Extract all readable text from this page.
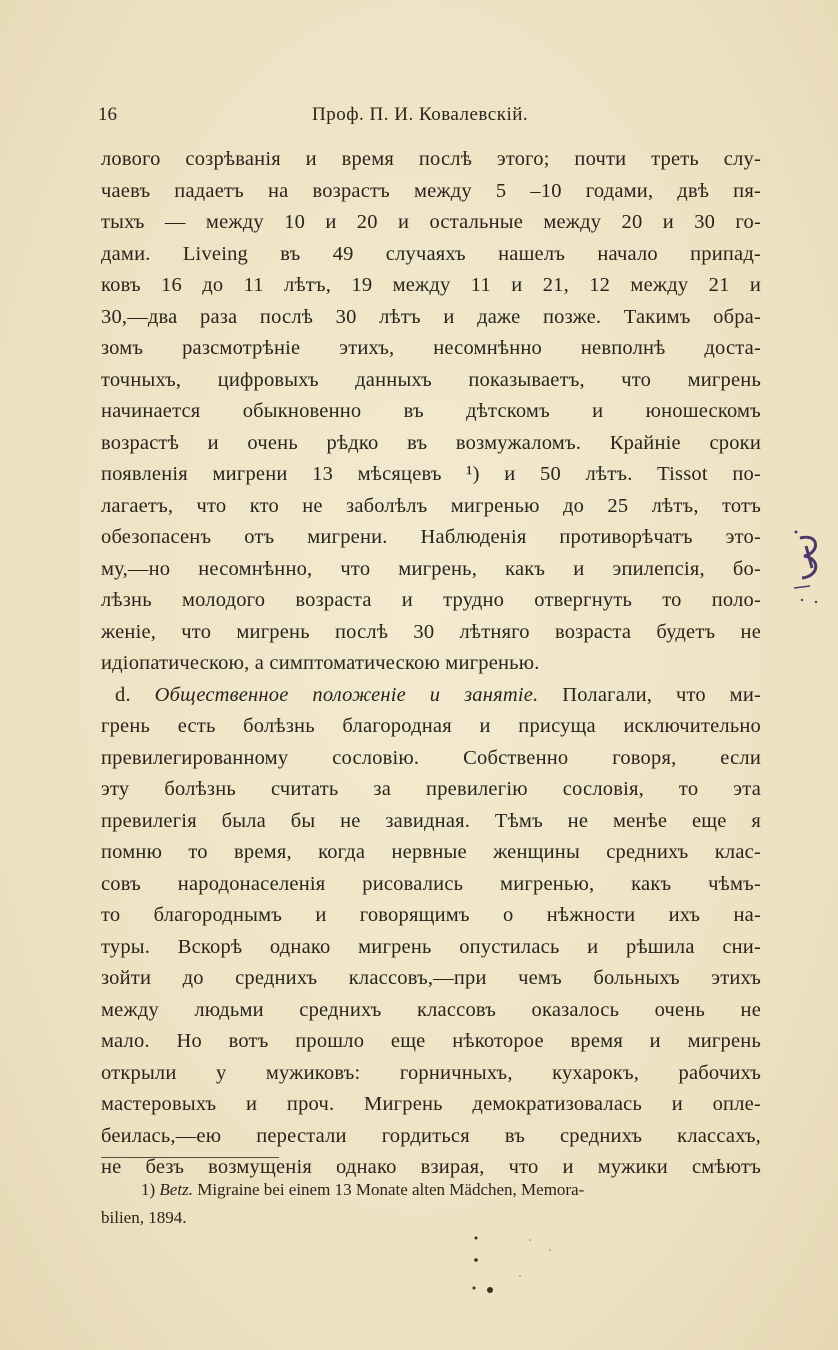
16	Проф. П. И. Ковалевскій.
лового созрѣванія и время послѣ этого; почти треть слу-
чаевъ падаетъ на возрастъ между 5 –10 годами, двѣ пя-
тыхъ — между 10 и 20 и остальные между 20 и 30 го-
дами. Liveing въ 49 случаяхъ нашелъ начало припад-
ковъ 16 до 11 лѣтъ, 19 между 11 и 21, 12 между 21 и
30,—два раза послѣ 30 лѣтъ и даже позже. Такимъ обра-
зомъ разсмотрѣніе этихъ, несомнѣнно невполнѣ доста-
точныхъ, цифровыхъ данныхъ показываетъ, что мигрень
начинается обыкновенно въ дѣтскомъ и юношескомъ
возрастѣ и очень рѣдко въ возмужаломъ. Крайніе сроки
появленія мигрени 13 мѣсяцевъ ¹) и 50 лѣтъ. Tissot по-
лагаетъ, что кто не заболѣлъ мигренью до 25 лѣтъ, тотъ
обезопасенъ отъ мигрени. Наблюденія противорѣчатъ это-
му,—но несомнѣнно, что мигрень, какъ и эпилепсія, бо-
лѣзнь молодого возраста и трудно отвергнуть то поло-
женіе, что мигрень послѣ 30 лѣтняго возраста будетъ не
идіопатическою, а симптоматическою мигренью.
d. Общественное положеніе и занятіе. Полагали, что ми-
грень есть болѣзнь благородная и присуща исключительно
превилегированному сословію. Собственно говоря, если
эту болѣзнь считать за превилегію сословія, то эта
превилегія была бы не завидная. Тѣмъ не менѣе еще я
помню то время, когда нервные женщины среднихъ клас-
совъ народонаселенія рисовались мигренью, какъ чѣмъ-
то благороднымъ и говорящимъ о нѣжности ихъ на-
туры. Вскорѣ однако мигрень опустилась и рѣшила сни-
зойти до среднихъ классовъ,—при чемъ больныхъ этихъ
между людьми среднихъ классовъ оказалось очень не
мало. Но вотъ прошло еще нѣкоторое время и мигрень
открыли у мужиковъ: горничныхъ, кухарокъ, рабочихъ
мастеровыхъ и проч. Мигрень демократизовалась и опле-
беилась,—ею перестали гордиться въ среднихъ классахъ,
не безъ возмущенія однако взирая, что и мужики смѣютъ
1) Betz. Migraine bei einem 13 Monate alten Mädchen, Memora-
bilien, 1894.
